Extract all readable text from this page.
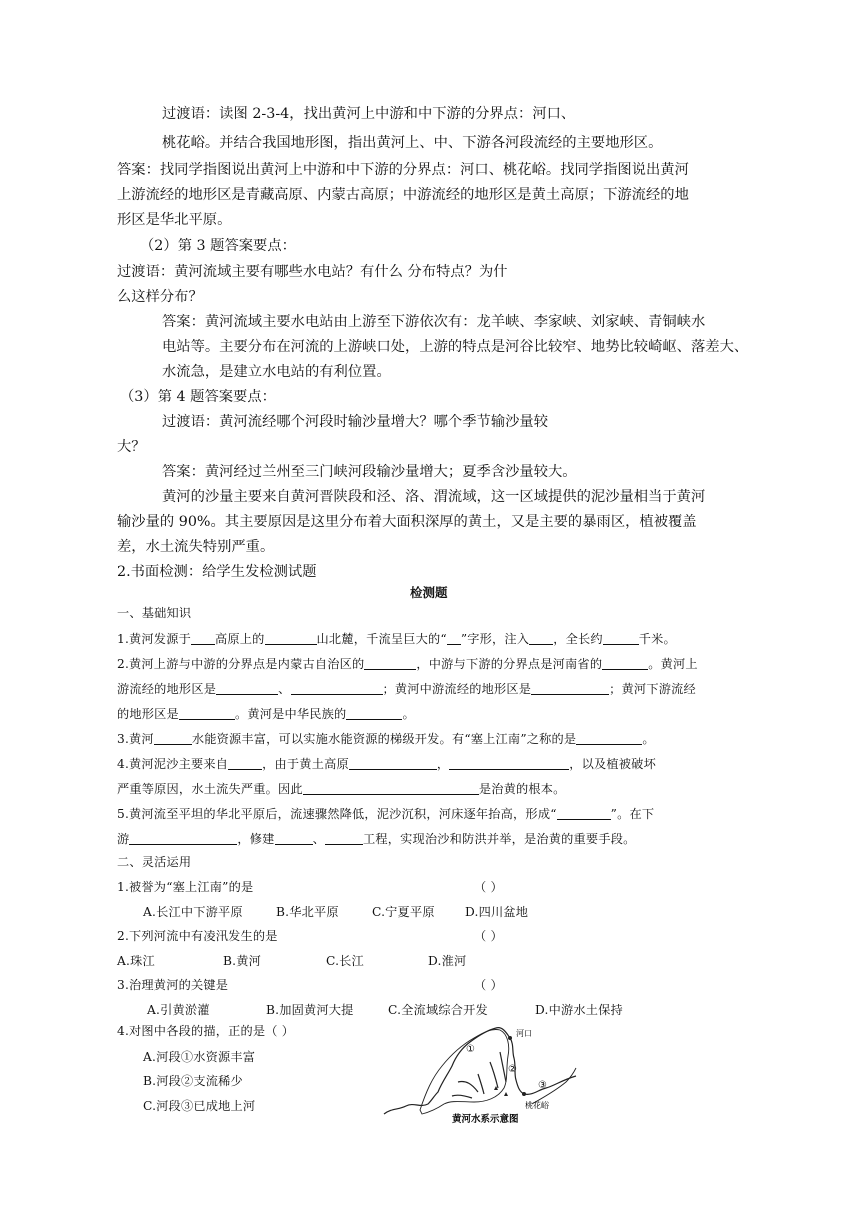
过渡语：读图 2-3-4，找出黄河上中游和中下游的分界点：河口、
桃花峪。并结合我国地形图，指出黄河上、中、下游各河段流经的主要地形区。
答案：找同学指图说出黄河上中游和中下游的分界点：河口、桃花峪。找同学指图说出黄河
上游流经的地形区是青藏高原、内蒙古高原；中游流经的地形区是黄土高原；下游流经的地
形区是华北平原。
（2）第 3 题答案要点：
过渡语：黄河流域主要有哪些水电站？有什么 分布特点？为什
么这样分布？
答案：黄河流域主要水电站由上游至下游依次有：龙羊峡、李家峡、刘家峡、青铜峡水
电站等。主要分布在河流的上游峡口处，上游的特点是河谷比较窄、地势比较崎岖、落差大、
水流急，是建立水电站的有利位置。
（3）第 4 题答案要点：
过渡语：黄河流经哪个河段时输沙量增大？哪个季节输沙量较
大？
答案：黄河经过兰州至三门峡河段输沙量增大；夏季含沙量较大。
黄河的沙量主要来自黄河晋陕段和泾、洛、渭流域，这一区域提供的泥沙量相当于黄河
输沙量的 90%。其主要原因是这里分布着大面积深厚的黄土，又是主要的暴雨区，植被覆盖
差，水土流失特别严重。
2.书面检测：给学生发检测试题
检测题
一、基础知识
1.黄河发源于 高原上的	山北麓，千流呈巨大的“ ”字形，注入 ，全长约	千米。
2.黄河上游与中游的分界点是内蒙古自治区的	，中游与下游的分界点是河南省的	。黄河上
游流经的地形区是	、	；黄河中游流经的地形区是	；黄河下游流经
的地形区是	。黄河是中华民族的	。
3.黄河	水能资源丰富，可以实施水能资源的梯级开发。有“塞上江南”之称的是	。
4.黄河泥沙主要来自	，由于黄土高原	，	，以及植被破坏
严重等原因，水土流失严重。因此	是治黄的根本。
5.黄河流至平坦的华北平原后，流速骤然降低，泥沙沉积，河床逐年抬高，形成“	”。在下
游	，修建	、	工程，实现治沙和防洪并举，是治黄的重要手段。
二、灵活运用
1.被誉为“塞上江南”的是	（ ）
A.长江中下游平原	B.华北平原	C.宁夏平原 D.四川盆地
2.下列河流中有凌汛发生的是	（ ）
A.珠江	B.黄河	C.长江	D.淮河
3.治理黄河的关键是	（ ）
A.引黄淤灌	B.加固黄河大提	C.全流域综合开发	D.中游水土保持
4.对图中各段的描，正的是（ ）
A.河段①水资源丰富
B.河段②支流稀少
C.河段③已成地上河
河口
桃花峪
①
②
③
黄河水系示意图
